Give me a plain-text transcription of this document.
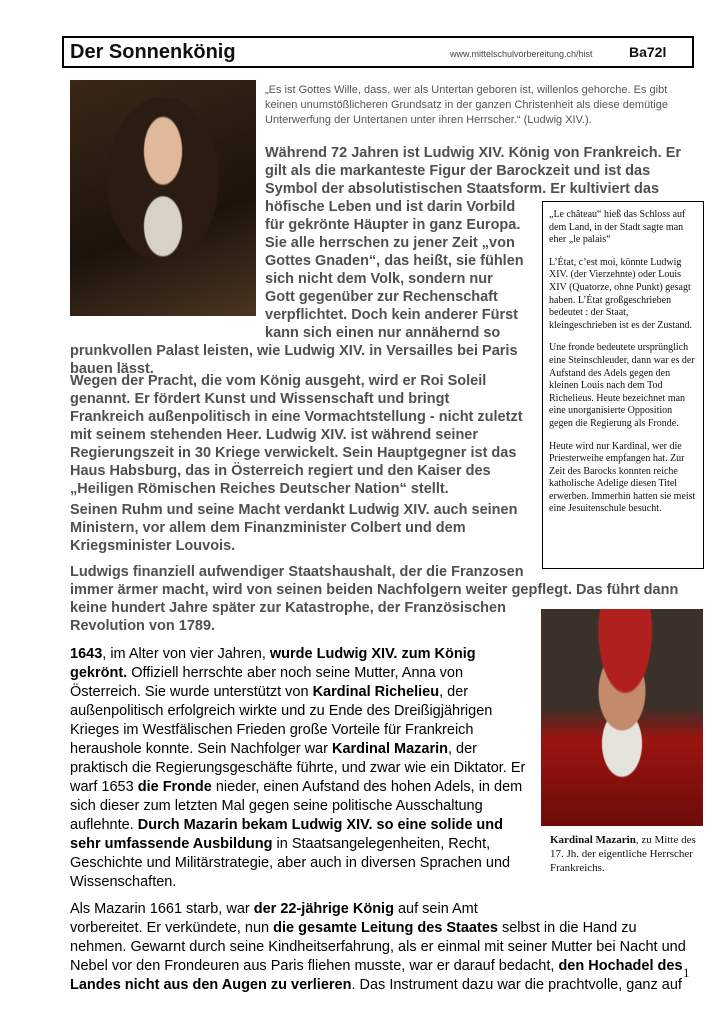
Der Sonnenkönig	www.mittelschulvorbereitung.ch/hist	Ba72l
„Es ist Gottes Wille, dass, wer als Untertan geboren ist, willenlos gehorche. Es gibt keinen unumstößlicheren Grundsatz in der ganzen Christenheit als diese demütige Unterwerfung der Untertanen unter ihren Herrscher.“ (Ludwig XIV.).
Während 72 Jahren ist Ludwig XIV. König von Frankreich. Er
gilt als die markanteste Figur der Barockzeit und ist das
Symbol der absolutistischen Staatsform. Er kultiviert das
höfische Leben und ist darin Vorbild
für gekrönte Häupter in ganz Europa.
Sie alle herrschen zu jener Zeit „von
Gottes Gnaden“, das heißt, sie fühlen
sich nicht dem Volk, sondern nur
Gott gegenüber zur Rechenschaft
verpflichtet. Doch kein anderer Fürst
kann sich einen nur annähernd so
prunkvollen Palast leisten, wie Ludwig XIV. in Versailles bei Paris
bauen lässt.
Wegen der Pracht, die vom König ausgeht, wird er Roi Soleil
genannt. Er fördert Kunst und Wissenschaft und bringt
Frankreich außenpolitisch in eine Vormachtstellung - nicht zuletzt
mit seinem stehenden Heer. Ludwig XIV. ist während seiner
Regierungszeit in 30 Kriege verwickelt. Sein Hauptgegner ist das
Haus Habsburg, das in Österreich regiert und den Kaiser des
„Heiligen Römischen Reiches Deutscher Nation“ stellt.
Seinen Ruhm und seine Macht verdankt Ludwig XIV. auch seinen
Ministern, vor allem dem Finanzminister Colbert und dem
Kriegsminister Louvois.
Ludwigs finanziell aufwendiger Staatshaushalt, der die Franzosen
immer ärmer macht, wird von seinen beiden Nachfolgern weiter gepflegt. Das führt dann
keine hundert Jahre später zur Katastrophe, der Französischen
Revolution von 1789.
1643, im Alter von vier Jahren, wurde Ludwig XIV. zum König
gekrönt. Offiziell herrschte aber noch seine Mutter, Anna von
Österreich. Sie wurde unterstützt von Kardinal Richelieu, der
außenpolitisch erfolgreich wirkte und zu Ende des Dreißigjährigen
Krieges im Westfälischen Frieden große Vorteile für Frankreich
heraushole konnte. Sein Nachfolger war Kardinal Mazarin, der
praktisch die Regierungsgeschäfte führte, und zwar wie ein Diktator. Er
warf 1653 die Fronde nieder, einen Aufstand des hohen Adels, in dem
sich dieser zum letzten Mal gegen seine politische Ausschaltung
auflehnte. Durch Mazarin bekam Ludwig XIV. so eine solide und
sehr umfassende Ausbildung in Staatsangelegenheiten, Recht,
Geschichte und Militärstrategie, aber auch in diversen Sprachen und
Wissenschaften.
Als Mazarin 1661 starb, war der 22-jährige König auf sein Amt
vorbereitet. Er verkündete, nun die gesamte Leitung des Staates selbst in die Hand zu
nehmen. Gewarnt durch seine Kindheitserfahrung, als er einmal mit seiner Mutter bei Nacht und
Nebel vor den Frondeuren aus Paris fliehen musste, war er darauf bedacht, den Hochadel des
Landes nicht aus den Augen zu verlieren. Das Instrument dazu war die prachtvolle, ganz auf

„Le château“ hieß das Schloss auf dem Land, in der Stadt sagte man eher „le palais“

L’État, c’est moi, könnte Ludwig XIV. (der Vierzehnte) oder Louis XIV (Quatorze, ohne Punkt) gesagt haben. L’État großgeschrieben bedeutet : der Staat, kleingeschrieben ist es der Zustand.

Une fronde bedeutete ursprünglich eine Steinschleuder, dann war es der Aufstand des Adels gegen den kleinen Louis nach dem Tod Richelieus. Heute bezeichnet man eine unorganisierte Opposition gegen die Regierung als Fronde.

Heute wird nur Kardinal, wer die Priesterweihe empfangen hat. Zur Zeit des Barocks konnten reiche katholische Adelige diesen Titel erwerben. Immerhin hatten sie meist eine Jesuitenschule besucht.

Kardinal Mazarin, zu Mitte des 17. Jh. der eigentliche Herrscher Frankreichs.
1
